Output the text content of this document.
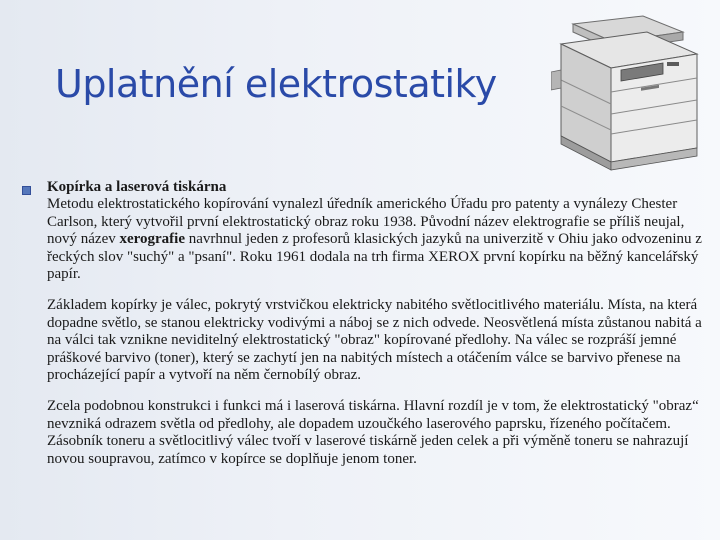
Uplatnění elektrostatiky

Kopírka a laserová tiskárna
Metodu elektrostatického kopírování vynalezl úředník amerického Úřadu pro patenty a vynálezy Chester Carlson, který vytvořil první elektrostatický obraz roku 1938. Původní název elektrografie se příliš neujal, nový název xerografie navrhnul jeden z profesorů klasických jazyků na univerzitě v Ohiu jako odvozeninu z řeckých slov "suchý" a "psaní". Roku 1961 dodala na trh firma XEROX první kopírku na běžný kancelářský papír.

Základem kopírky je válec, pokrytý vrstvičkou elektricky nabitého světlocitlivého materiálu. Místa, na která dopadne světlo, se stanou elektricky vodivými a náboj se z nich odvede. Neosvětlená místa zůstanou nabitá a na válci tak vznikne neviditelný elektrostatický "obraz" kopírované předlohy. Na válec se rozpráší jemné práškové barvivo (toner), který se zachytí jen na nabitých místech a otáčením válce se barvivo přenese na procházející papír a vytvoří na něm černobílý obraz.

Zcela podobnou konstrukci i funkci má i laserová tiskárna. Hlavní rozdíl je v tom, že elektrostatický "obraz“ nevzniká odrazem světla od předlohy, ale dopadem uzoučkého laserového paprsku, řízeného počítačem. Zásobník toneru a světlocitlivý válec tvoří v laserové tiskárně jeden celek a při výměně toneru se nahrazují novou soupravou, zatímco v kopírce se doplňuje jenom toner.
